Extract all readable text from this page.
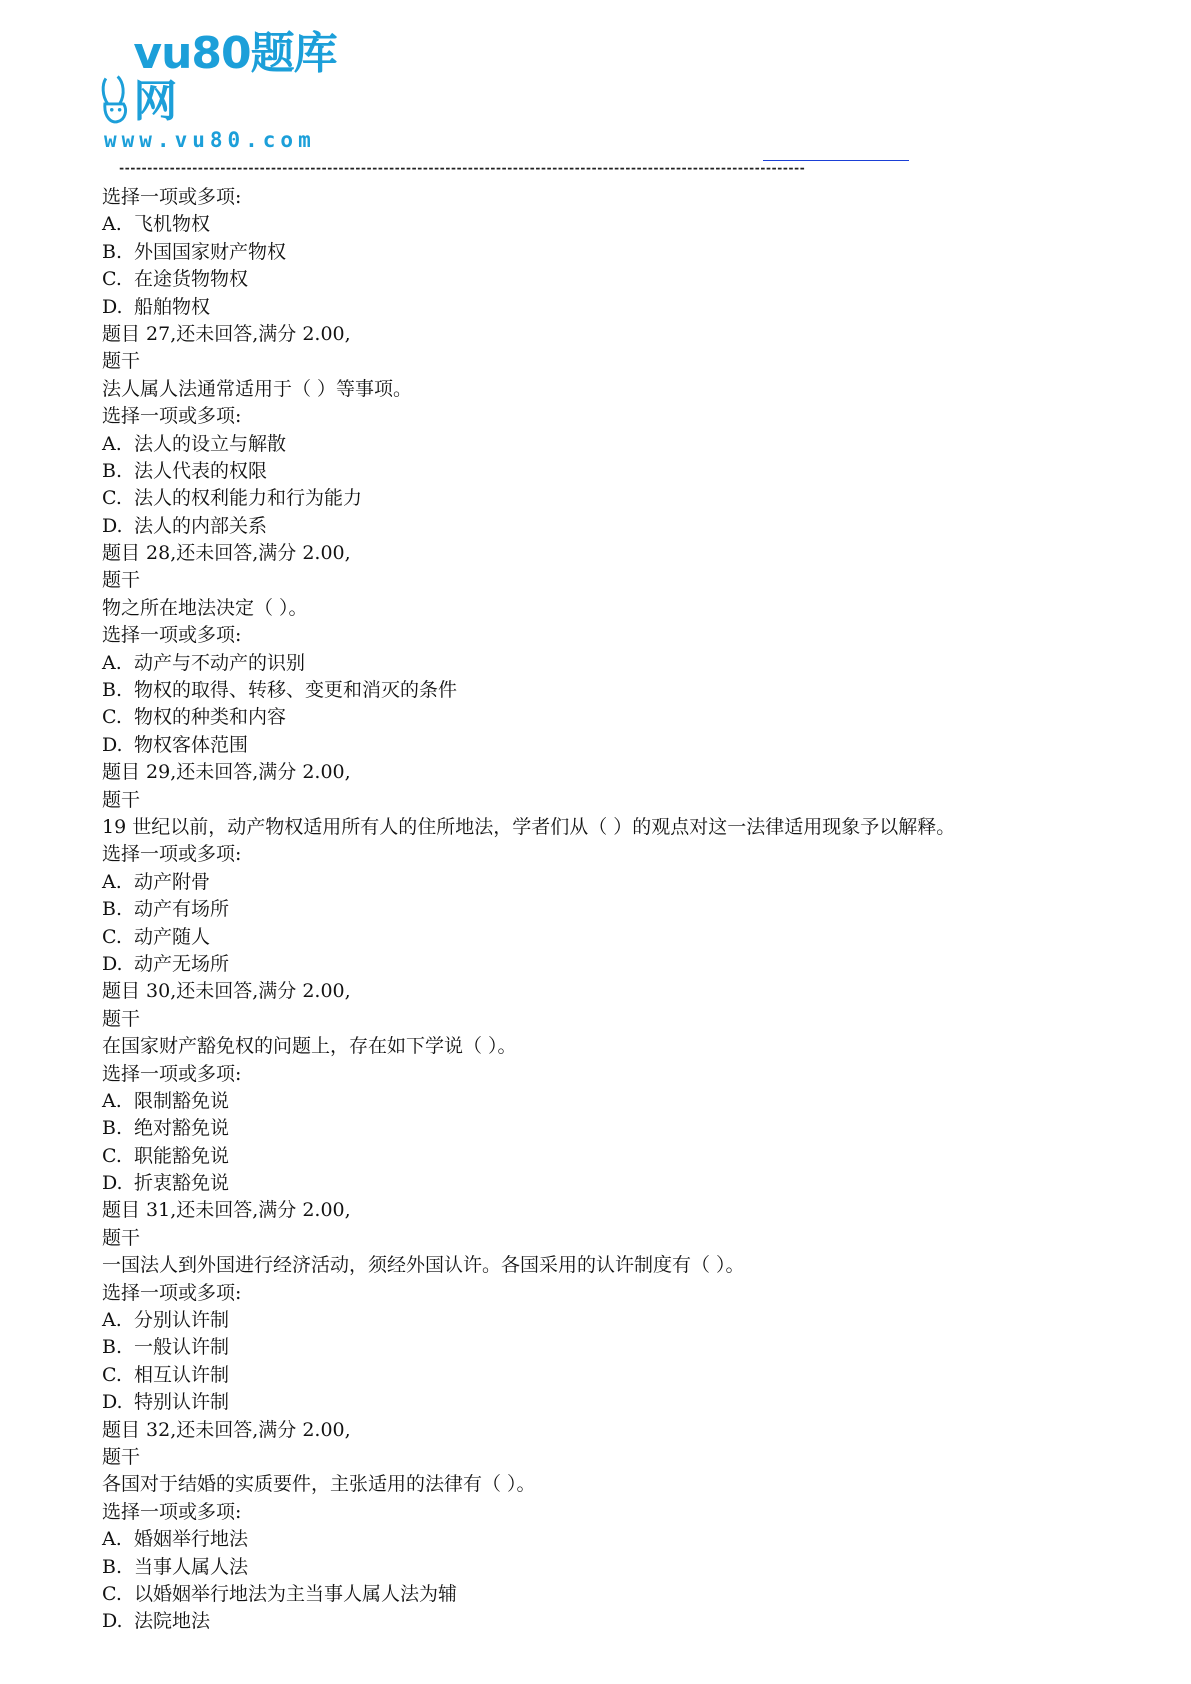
vu80题库网
www.vu80.com
--------------------------------------------------------------------------------------------------------------------------
选择一项或多项:
A. 飞机物权
B. 外国国家财产物权
C. 在途货物物权
D. 船舶物权
题目 27,还未回答,满分 2.00,
题干
法人属人法通常适用于（ ）等事项。
选择一项或多项:
A. 法人的设立与解散
B. 法人代表的权限
C. 法人的权利能力和行为能力
D. 法人的内部关系
题目 28,还未回答,满分 2.00,
题干
物之所在地法决定（ ）。
选择一项或多项:
A. 动产与不动产的识别
B. 物权的取得、转移、变更和消灭的条件
C. 物权的种类和内容
D. 物权客体范围
题目 29,还未回答,满分 2.00,
题干
19 世纪以前，动产物权适用所有人的住所地法，学者们从（ ）的观点对这一法律适用现象予以解释。
选择一项或多项:
A. 动产附骨
B. 动产有场所
C. 动产随人
D. 动产无场所
题目 30,还未回答,满分 2.00,
题干
在国家财产豁免权的问题上，存在如下学说（ ）。
选择一项或多项:
A. 限制豁免说
B. 绝对豁免说
C. 职能豁免说
D. 折衷豁免说
题目 31,还未回答,满分 2.00,
题干
一国法人到外国进行经济活动，须经外国认许。各国采用的认许制度有（ ）。
选择一项或多项:
A. 分别认许制
B. 一般认许制
C. 相互认许制
D. 特别认许制
题目 32,还未回答,满分 2.00,
题干
各国对于结婚的实质要件，主张适用的法律有（ ）。
选择一项或多项:
A. 婚姻举行地法
B. 当事人属人法
C. 以婚姻举行地法为主当事人属人法为辅
D. 法院地法
